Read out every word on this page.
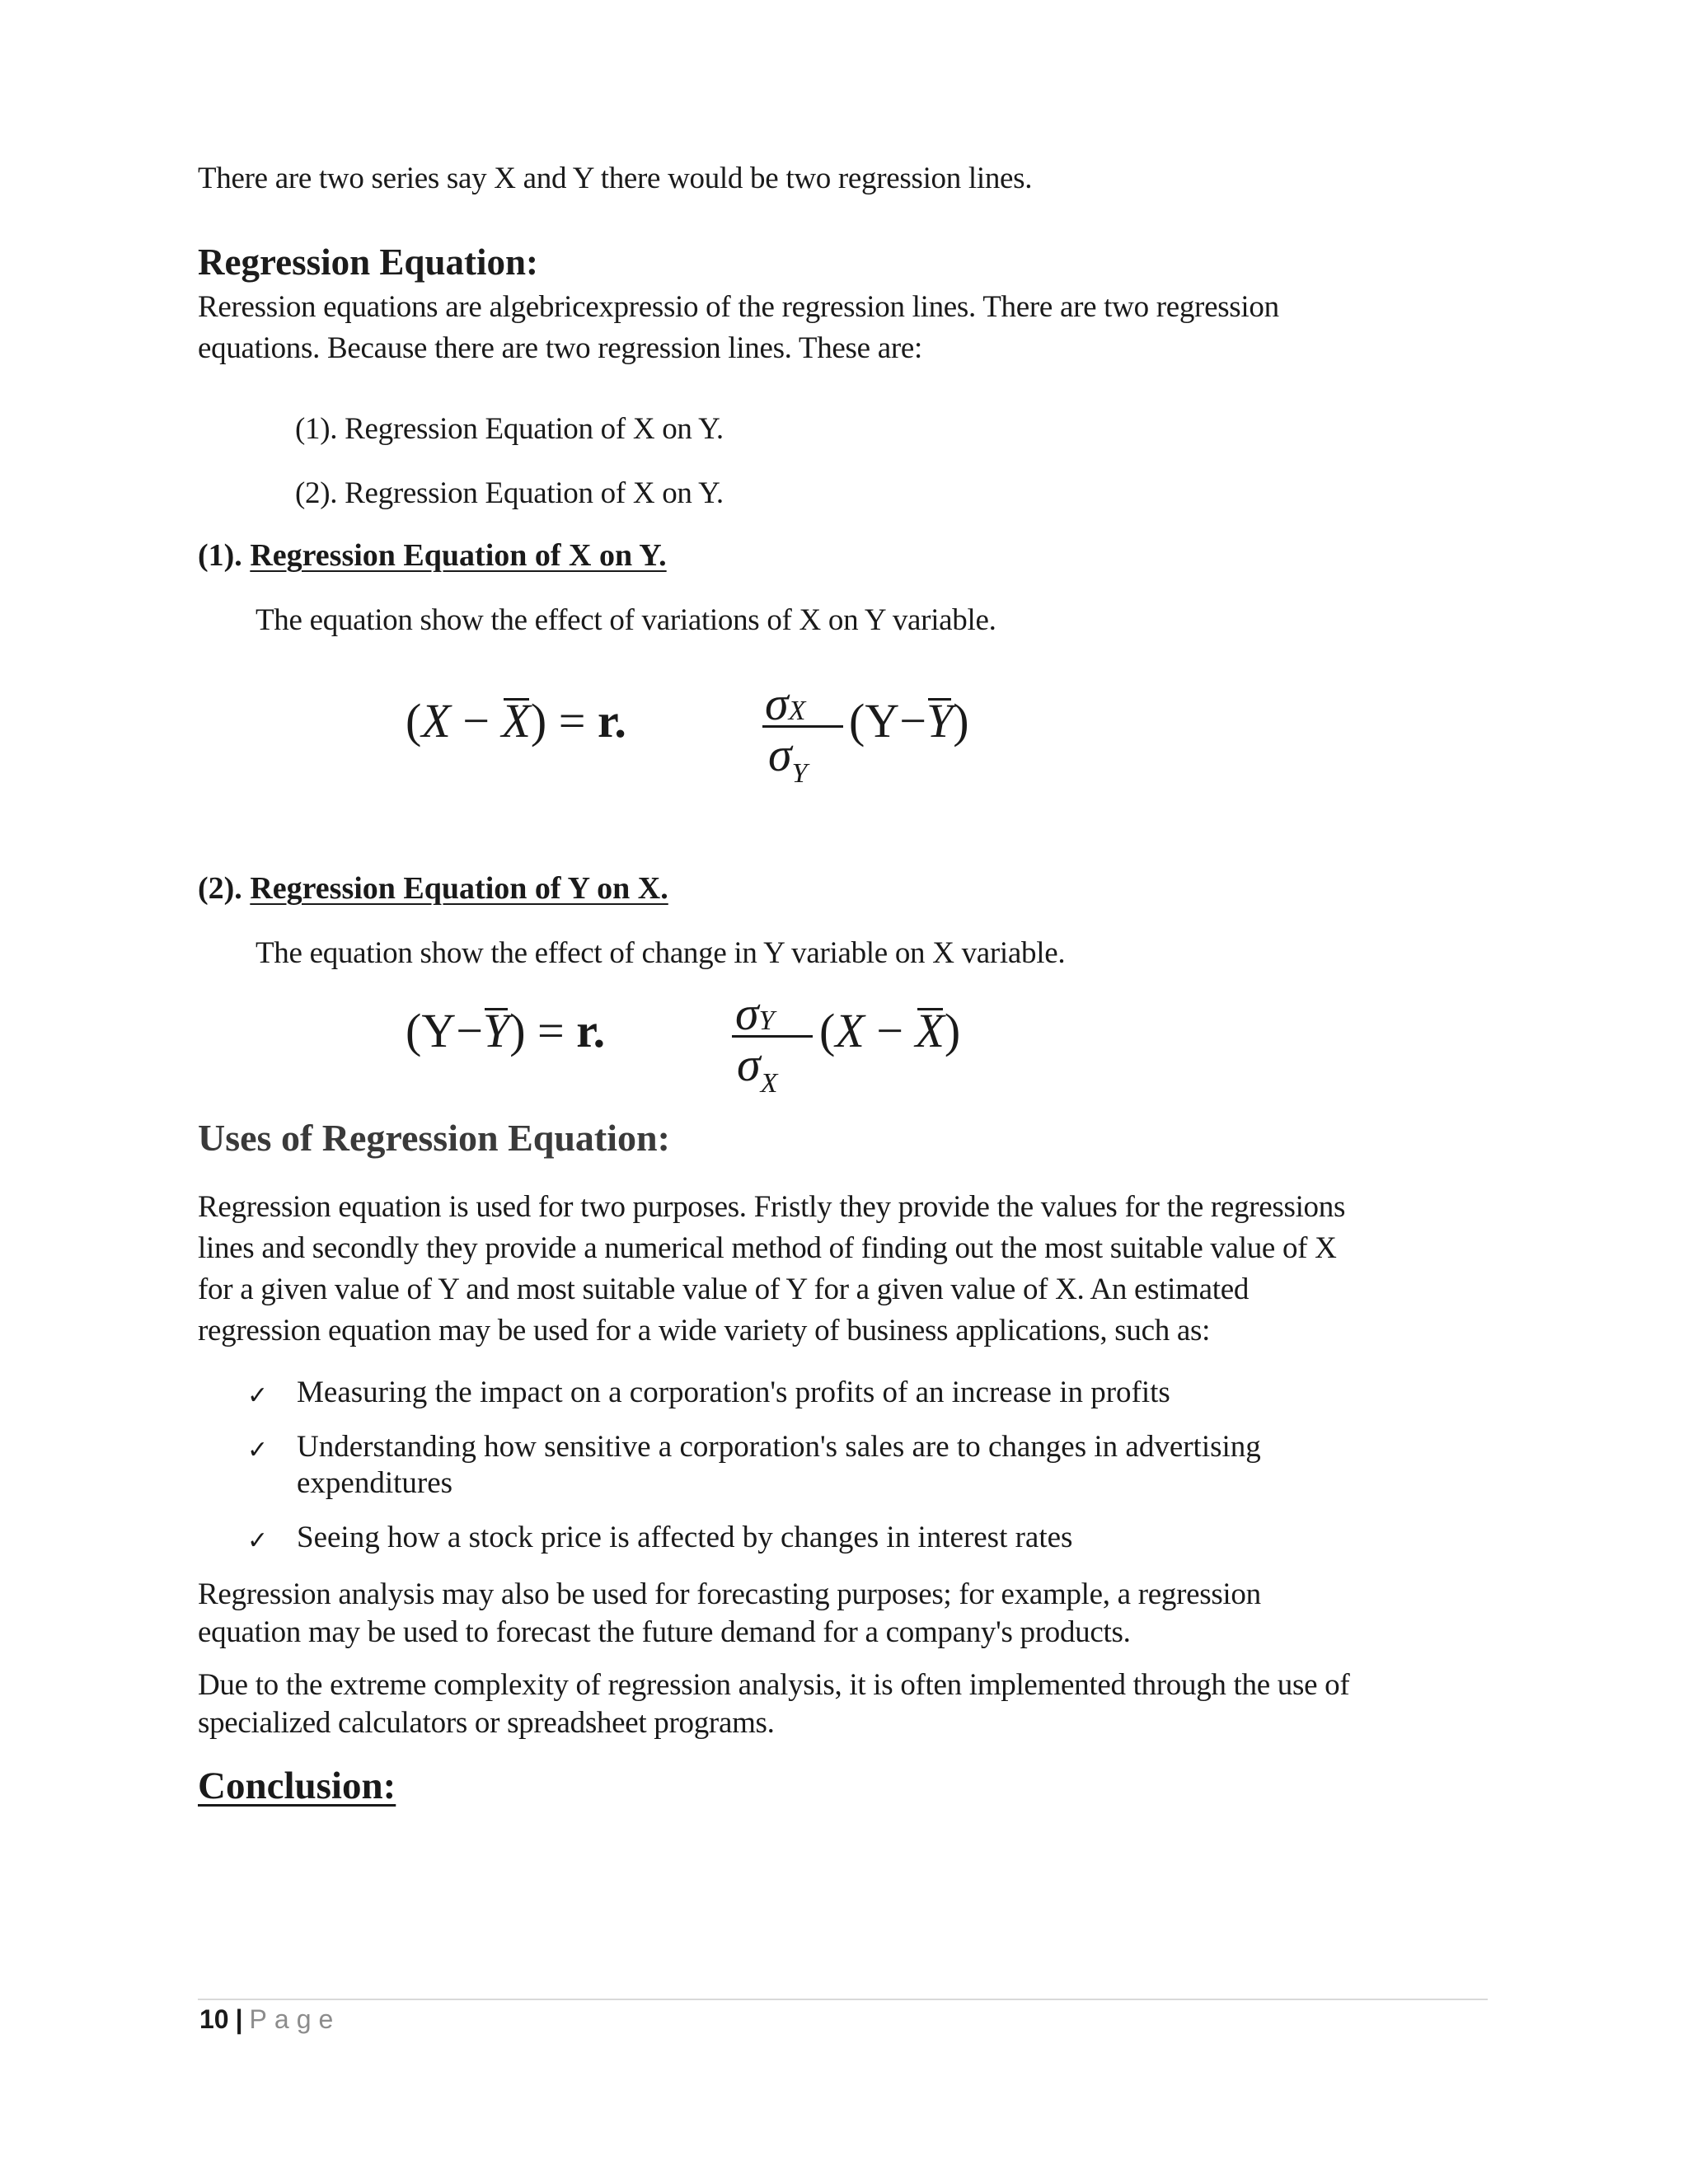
There are two series say X and Y there would be two regression lines.
Regression Equation:
Reression equations are algebricexpressio of the regression lines. There are two regression
equations. Because there are two regression lines. These are:
(1). Regression Equation of X on Y.
(2). Regression Equation of X on Y.
(1). Regression Equation of X on Y.
The equation show the effect of variations of X on Y variable.
(X − X) = r.	σX
$\sigma_Y$
(Y−Y)
(2). Regression Equation of Y on X.
The equation show the effect of change in Y variable on X variable.
(Y−Y) = r.	σY
$\sigma_X$
(X − X)
Uses of Regression Equation:
Regression equation is used for two purposes. Fristly they provide the values for the regressions
lines and secondly they provide a numerical method of finding out the most suitable value of X
for a given value of Y and most suitable value of Y for a given value of X. An estimated
regression equation may be used for a wide variety of business applications, such as:
✓ Measuring the impact on a corporation's profits of an increase in profits
✓ Understanding how sensitive a corporation's sales are to changes in advertising
expenditures
✓ Seeing how a stock price is affected by changes in interest rates
Regression analysis may also be used for forecasting purposes; for example, a regression
equation may be used to forecast the future demand for a company's products.
Due to the extreme complexity of regression analysis, it is often implemented through the use of
specialized calculators or spreadsheet programs.
Conclusion:
10 | Page
